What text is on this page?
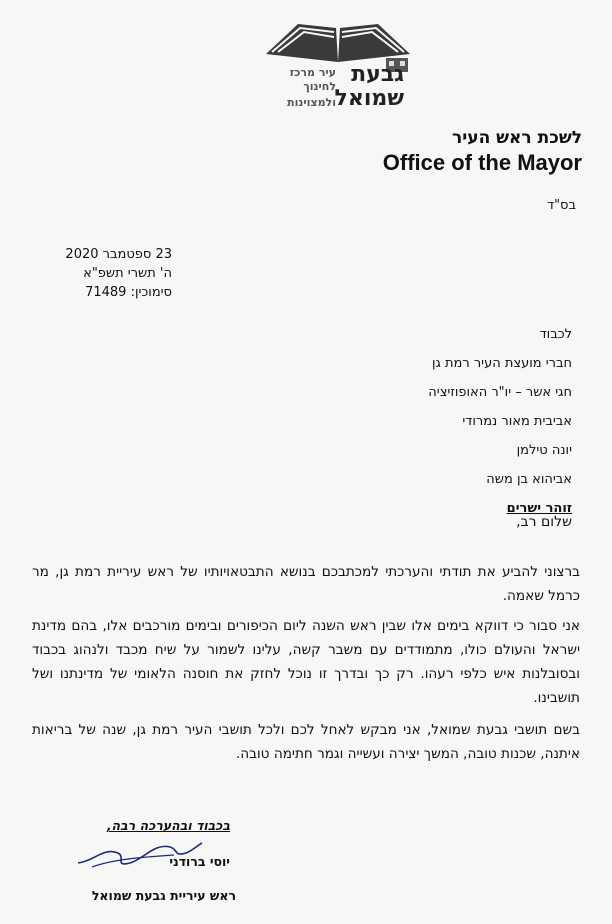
גבעת
שמואל
עיר מרכז
לחינוך
ולמצוינות
לשכת ראש העיר
Office of the Mayor
בס"ד
23 ספטמבר 2020
ה' תשרי תשפ"א
סימוכין: 71489
לכבוד
חברי מועצת העיר רמת גן
חגי אשר – יו"ר האופוזיציה
אביבית מאור נמרודי
יונה טילמן
אביהוא בן משה
זוהר ישרים
שלום רב,
ברצוני להביע את תודתי והערכתי למכתבכם בנושא התבטאויותיו של ראש עיריית רמת גן, מר כרמל שאמה.
אני סבור כי דווקא בימים אלו שבין ראש השנה ליום הכיפורים ובימים מורכבים אלו, בהם מדינת ישראל והעולם כולו, מתמודדים עם משבר קשה, עלינו לשמור על שיח מכבד ולנהוג בכבוד ובסובלנות איש כלפי רעהו. רק כך ובדרך זו נוכל לחזק את חוסנה הלאומי של מדינתנו ושל תושבינו.
בשם תושבי גבעת שמואל, אני מבקש לאחל לכם ולכל תושבי העיר רמת גן, שנה של בריאות איתנה, שכנות טובה, המשך יצירה ועשייה וגמר חתימה טובה.
בכבוד ובהערכה רבה,
יוסי ברודני
ראש עיריית גבעת שמואל
